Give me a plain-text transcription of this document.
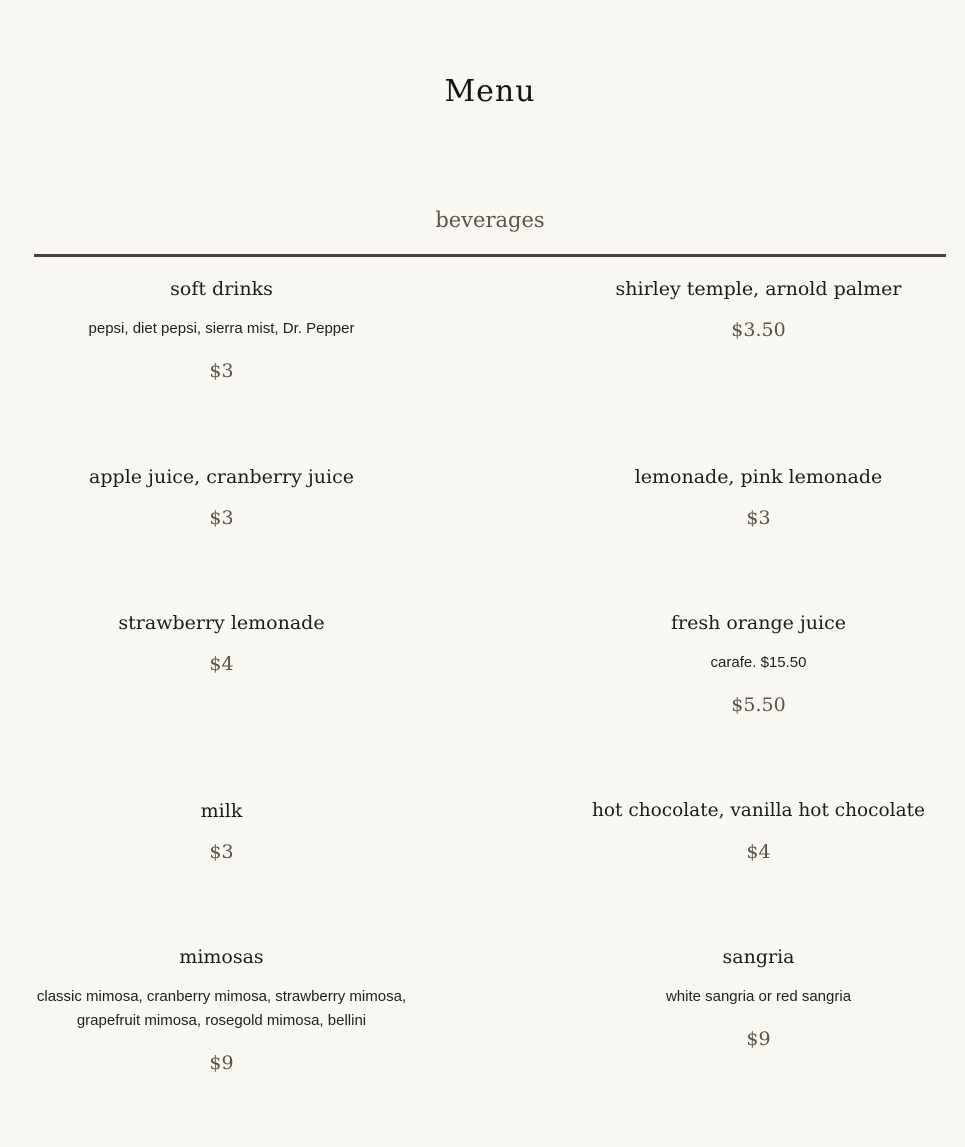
Menu
beverages
soft drinks
pepsi, diet pepsi, sierra mist, Dr. Pepper
$3
shirley temple, arnold palmer
$3.50
apple juice, cranberry juice
$3
lemonade, pink lemonade
$3
strawberry lemonade
$4
fresh orange juice
carafe. $15.50
$5.50
milk
$3
hot chocolate, vanilla hot chocolate
$4
mimosas
classic mimosa, cranberry mimosa, strawberry mimosa, grapefruit mimosa, rosegold mimosa, bellini
$9
sangria
white sangria or red sangria
$9
